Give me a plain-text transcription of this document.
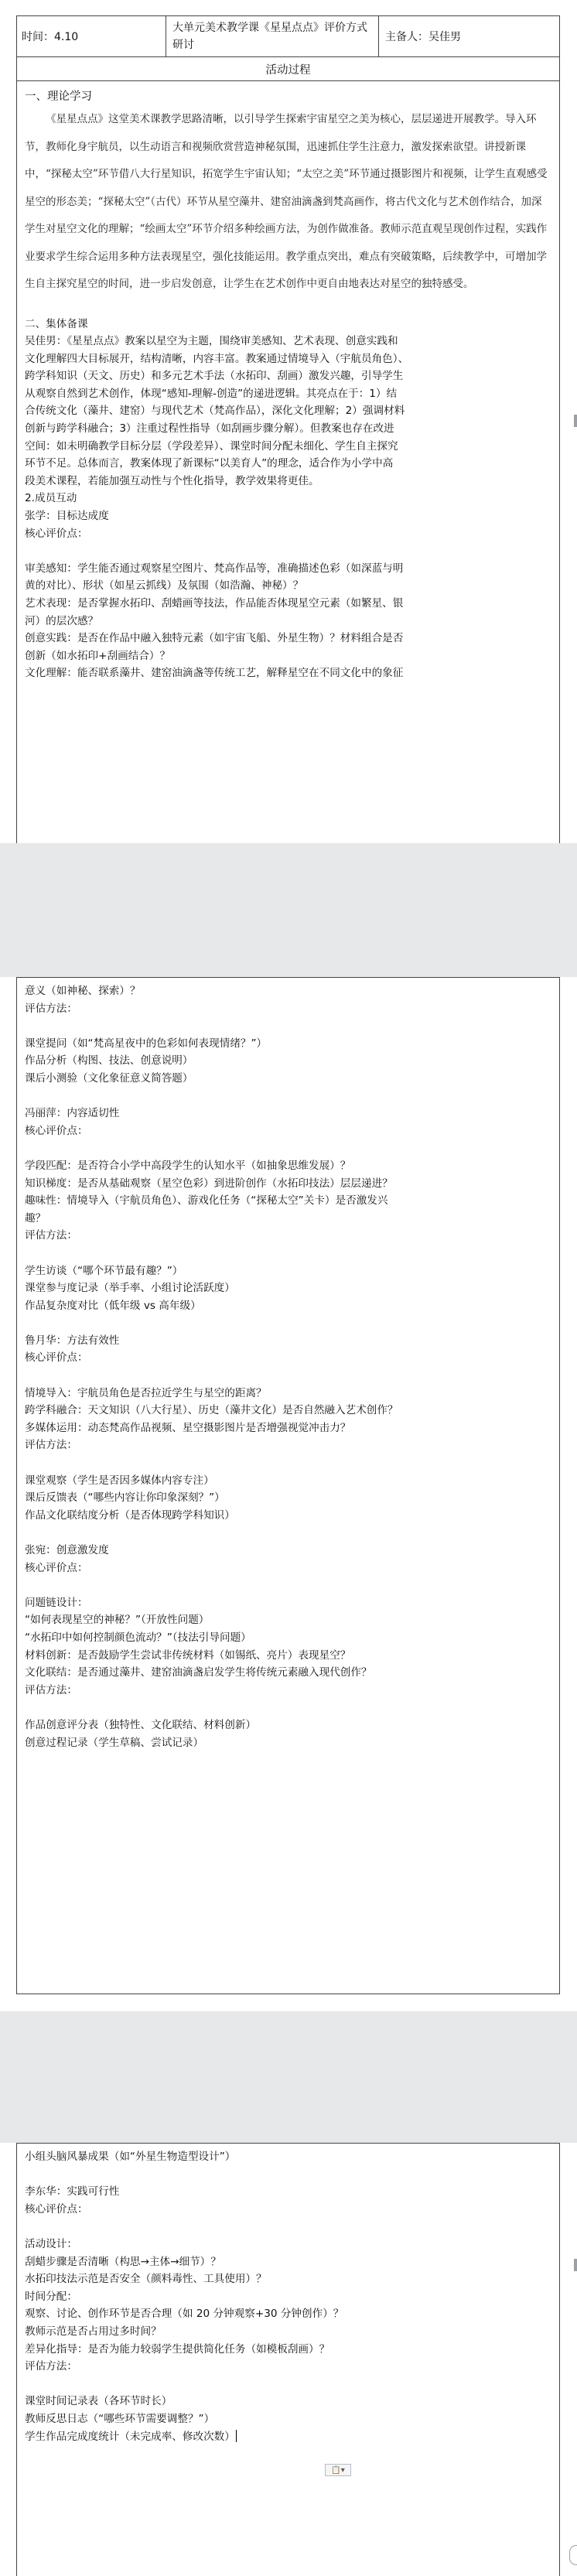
时间：4.10
大单元美术教学课《星星点点》评价方式研讨
主备人：吴佳男
活动过程
一、理论学习

《星星点点》这堂美术课教学思路清晰，以引导学生探索宇宙星空之美为核心，层层递进开展教学。导入环节，教师化身宇航员，以生动语言和视频欣赏营造神秘氛围，迅速抓住学生注意力，激发探索欲望。讲授新课中，“探秘太空”环节借八大行星知识，拓宽学生宇宙认知；“太空之美”环节通过摄影图片和视频，让学生直观感受星空的形态美；“探秘太空”（古代）环节从星空藻井、建窑油滴盏到梵高画作，将古代文化与艺术创作结合，加深学生对星空文化的理解；“绘画太空”环节介绍多种绘画方法，为创作做准备。教师示范直观呈现创作过程，实践作业要求学生综合运用多种方法表现星空，强化技能运用。教学重点突出，难点有突破策略，后续教学中，可增加学生自主探究星空的时间，进一步启发创意，让学生在艺术创作中更自由地表达对星空的独特感受。

二、集体备课
吴佳男：《星星点点》教案以星空为主题，围绕审美感知、艺术表现、创意实践和
文化理解四大目标展开，结构清晰，内容丰富。教案通过情境导入（宇航员角色）、
跨学科知识（天文、历史）和多元艺术手法（水拓印、刮画）激发兴趣，引导学生
从观察自然到艺术创作，体现“感知-理解-创造”的递进逻辑。其亮点在于：1）结
合传统文化（藻井、建窑）与现代艺术（梵高作品），深化文化理解；2）强调材料
创新与跨学科融合；3）注重过程性指导（如刮画步骤分解）。但教案也存在改进
空间：如未明确教学目标分层（学段差异）、课堂时间分配未细化、学生自主探究
环节不足。总体而言，教案体现了新课标“以美育人”的理念，适合作为小学中高
段美术课程，若能加强互动性与个性化指导，教学效果将更佳。
2.成员互动
张学：目标达成度
核心评价点：

审美感知：学生能否通过观察星空图片、梵高作品等，准确描述色彩（如深蓝与明
黄的对比）、形状（如星云抓线）及氛围（如浩瀚、神秘）？
艺术表现：是否掌握水拓印、刮蜡画等技法，作品能否体现星空元素（如繁星、银
河）的层次感？
创意实践：是否在作品中融入独特元素（如宇宙飞船、外星生物）？材料组合是否
创新（如水拓印+刮画结合）？
文化理解：能否联系藻井、建窑油滴盏等传统工艺，解释星空在不同文化中的象征
意义（如神秘、探索）？
评估方法：

课堂提问（如“梵高星夜中的色彩如何表现情绪？”）
作品分析（构图、技法、创意说明）
课后小测验（文化象征意义简答题）

冯丽萍：内容适切性
核心评价点：

学段匹配：是否符合小学中高段学生的认知水平（如抽象思维发展）？
知识梯度：是否从基础观察（星空色彩）到进阶创作（水拓印技法）层层递进？
趣味性：情境导入（宇航员角色）、游戏化任务（“探秘太空”关卡）是否激发兴
趣？
评估方法：

学生访谈（“哪个环节最有趣？”）
课堂参与度记录（举手率、小组讨论活跃度）
作品复杂度对比（低年级 vs 高年级）

鲁月华：方法有效性
核心评价点：

情境导入：宇航员角色是否拉近学生与星空的距离？
跨学科融合：天文知识（八大行星）、历史（藻井文化）是否自然融入艺术创作？
多媒体运用：动态梵高作品视频、星空摄影图片是否增强视觉冲击力？
评估方法：

课堂观察（学生是否因多媒体内容专注）
课后反馈表（“哪些内容让你印象深刻？”）
作品文化联结度分析（是否体现跨学科知识）

张宛：创意激发度
核心评价点：

问题链设计：
“如何表现星空的神秘？”（开放性问题）
“水拓印中如何控制颜色流动？”（技法引导问题）
材料创新：是否鼓励学生尝试非传统材料（如锡纸、亮片）表现星空？
文化联结：是否通过藻井、建窑油滴盏启发学生将传统元素融入现代创作？
评估方法：

作品创意评分表（独特性、文化联结、材料创新）
创意过程记录（学生草稿、尝试记录）
小组头脑风暴成果（如“外星生物造型设计”）

李东华：实践可行性
核心评价点：

活动设计：
刮蜡步骤是否清晰（构思→主体→细节）？
水拓印技法示范是否安全（颜料毒性、工具使用）？
时间分配：
观察、讨论、创作环节是否合理（如 20 分钟观察+30 分钟创作）？
教师示范是否占用过多时间？
差异化指导：是否为能力较弱学生提供简化任务（如模板刮画）？
评估方法：

课堂时间记录表（各环节时长）
教师反思日志（“哪些环节需要调整？”）
学生作品完成度统计（未完成率、修改次数）
📋▾
